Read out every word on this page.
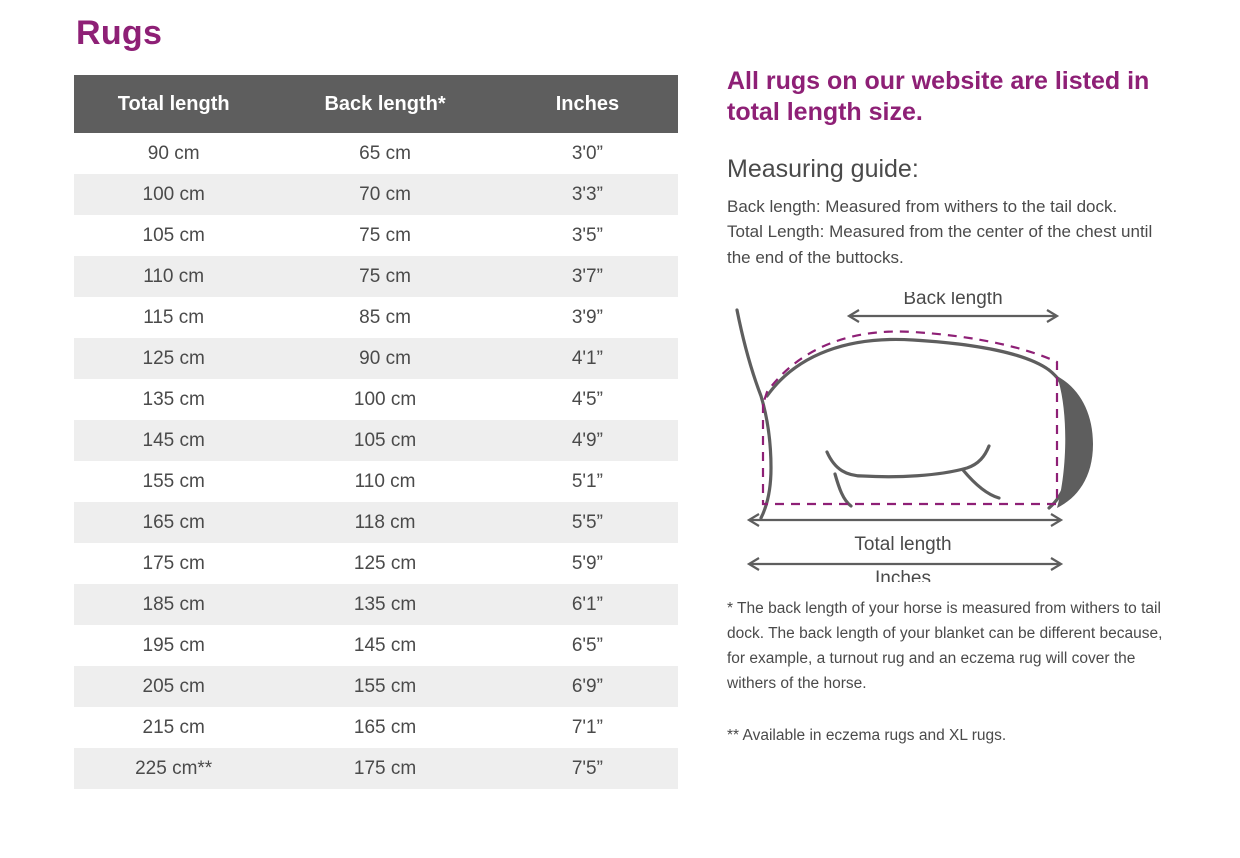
Rugs
Total length	Back length*	Inches
90 cm	65 cm	3'0”
100 cm	70 cm	3'3”
105 cm	75 cm	3'5”
110 cm	75 cm	3'7”
115 cm	85 cm	3'9”
125 cm	90 cm	4'1”
135 cm	100 cm	4'5”
145 cm	105 cm	4'9”
155 cm	110 cm	5'1”
165 cm	118 cm	5'5”
175 cm	125 cm	5'9”
185 cm	135 cm	6'1”
195 cm	145 cm	6'5”
205 cm	155 cm	6'9”
215 cm	165 cm	7'1”
225 cm**	175 cm	7'5”
All rugs on our website are listed in total length size.
Measuring guide:

Back length: Measured from withers to the tail dock.

Total Length: Measured from the center of the chest until the end of the buttocks.

Back length
Total length
Inches

* The back length of your horse is measured from withers to tail dock. The back length of your blanket can be different because, for example, a turnout rug and an eczema rug will cover the withers of the horse.

** Available in eczema rugs and XL rugs.
